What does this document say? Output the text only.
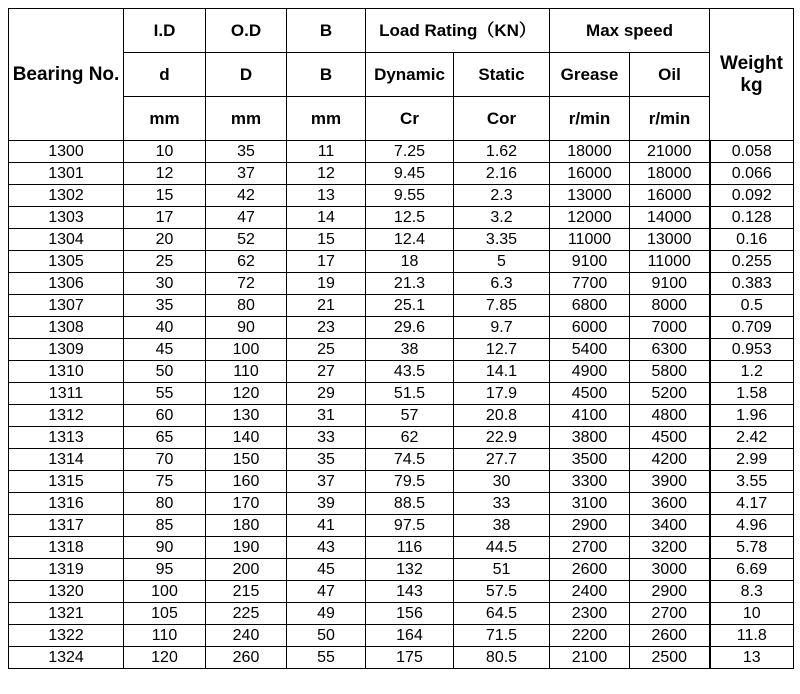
Bearing No.	I.D	O.D	B	Load Rating（KN）		Max speed		Weight kg
	d	D	B	Dynamic	Static	Grease	Oil	
	mm	mm	mm	Cr	Cor	r/min	r/min	
1300	10	35	11	7.25	1.62	18000	21000	0.058
1301	12	37	12	9.45	2.16	16000	18000	0.066
1302	15	42	13	9.55	2.3	13000	16000	0.092
1303	17	47	14	12.5	3.2	12000	14000	0.128
1304	20	52	15	12.4	3.35	11000	13000	0.16
1305	25	62	17	18	5	9100	11000	0.255
1306	30	72	19	21.3	6.3	7700	9100	0.383
1307	35	80	21	25.1	7.85	6800	8000	0.5
1308	40	90	23	29.6	9.7	6000	7000	0.709
1309	45	100	25	38	12.7	5400	6300	0.953
1310	50	110	27	43.5	14.1	4900	5800	1.2
1311	55	120	29	51.5	17.9	4500	5200	1.58
1312	60	130	31	57	20.8	4100	4800	1.96
1313	65	140	33	62	22.9	3800	4500	2.42
1314	70	150	35	74.5	27.7	3500	4200	2.99
1315	75	160	37	79.5	30	3300	3900	3.55
1316	80	170	39	88.5	33	3100	3600	4.17
1317	85	180	41	97.5	38	2900	3400	4.96
1318	90	190	43	116	44.5	2700	3200	5.78
1319	95	200	45	132	51	2600	3000	6.69
1320	100	215	47	143	57.5	2400	2900	8.3
1321	105	225	49	156	64.5	2300	2700	10
1322	110	240	50	164	71.5	2200	2600	11.8
1324	120	260	55	175	80.5	2100	2500	13
